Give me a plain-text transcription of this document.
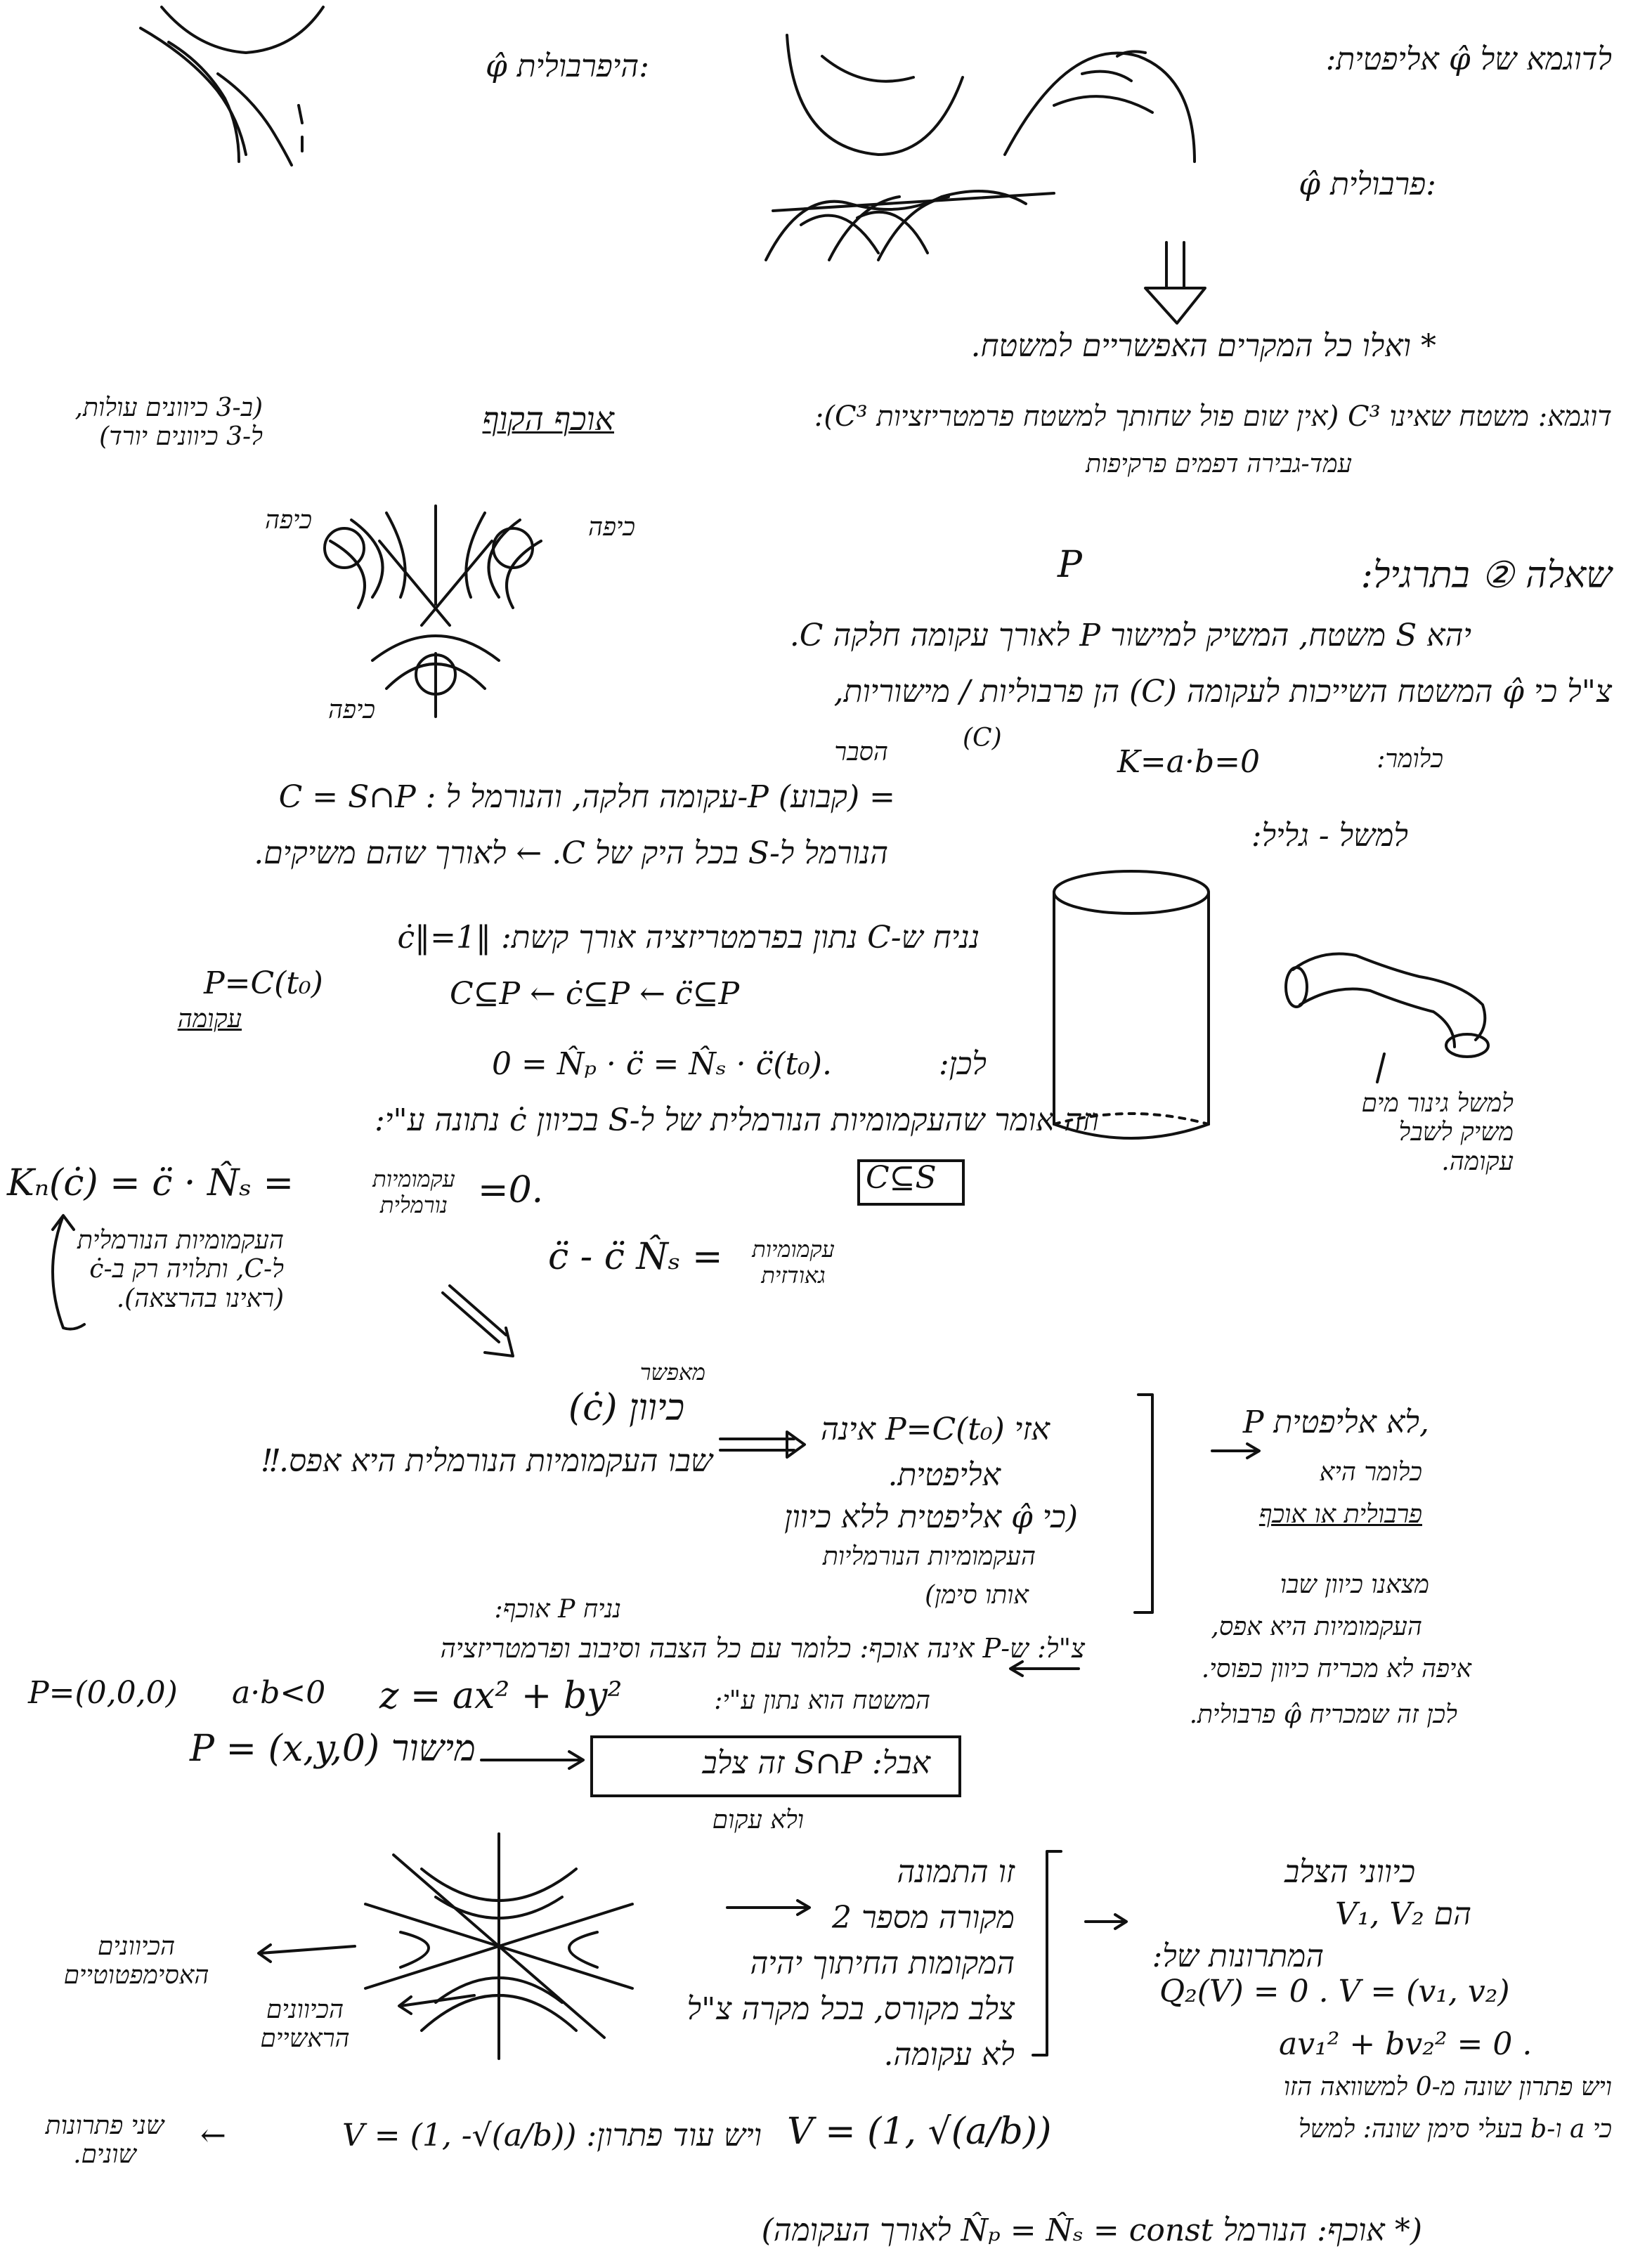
φ̂ היפרבולית:	לדוגמא של φ̂ אליפטית:
φ̂ פרבולית:
* ואלו כל המקרים האפשריים למשטח.
דוגמא: משטח שאינו C³ (אין שום פול שחותך למשטח פרמטריזציות C³):
אוכף הקוף
עמד-גבירה דפמים פרקיפות
(ב-3 כיוונים עולות, ל-3 כיוונים יורד)
כיפה	כיפה
כיפה
שאלה ② בתרגיל:
P
יהא S משטח, המשיק למישור P לאורך עקומה חלקה C.
צ"ל כי φ̂ המשטח השייכות לעקומה (C) הן פרבוליות / מישוריות,
(C)
הסבר	כלומר:
K=a·b=0
C = S∩P : עקומה חלקה, והנורמל ל-P (קבוע) =
הנורמל ל-S בכל היק של C. ← לאורך שהם משיקים.	למשל - גליל:
למשל גינור מים משיק לשבל עקומה.
נניח ש-C נתון בפרמטריזציה אורך קשת: ‖ċ‖=1
C⊆P ← ċ⊆P ← c̈⊆P
P=C(t₀)
עקומה
לכן:
0 = N̂ₚ · c̈ = N̂ₛ · c̈(t₀).
וזה אומר שהעקמומיות הנורמלית של ל-S בכיוון ċ נתונה ע"י:
Kₙ(ċ) = c̈ · N̂ₛ =	עקמומיות נורמלית =0.	C⊆S
העקמומיות הנורמלית ל-C, ותלויה רק ב-ċ (ראינו בהרצאה).
c̈ - c̈ N̂ₛ =	עקמומיות גאודזית
מאפשר
כיוון (ċ)
שבו העקמומיות הנורמלית היא אפס.‼
אזי P=C(t₀) אינה
אליפטית.
(כי φ̂ אליפטית ללא כיוון
העקמומיות הנורמליות
אותו סימן)
P לא אליפטית,
כלומר היא
פרבולית או אוכף
מצאנו כיוון שבו
העקמומיות היא אפס,
איפה לא מכריח כיוון כפוסי.
לכן זה שמכריח φ̂ פרבולית.
נניח P אוכף:
צ"ל: ש-P אינה אוכף: כלומר עם כל הצבה וסיבוב ופרמטריזציה
המשטח הוא נתון ע"י:
P=(0,0,0) a·b<0 z = ax² + by²
P = (x,y,0) מישור	אבל: S∩P זה צלב
ולא עקום
הכיוונים האסימפטוטיים
הכיוונים הראשיים
זו התמונה
מקורה מספר 2
המקומות החיתוך יהיה
צלב מקורס, בכל מקרה צ"ל
לא עקומה.
כיווני הצלב
הם V₁, V₂
המתרונות של:
Q₂(V) = 0 . V = (v₁, v₂)
av₁² + bv₂² = 0 .
ויש פתרון שונה מ-0 למשוואה הזו
כי a ו-b בעלי סימן שונה: למשל
V = (1, √(a/b))
ויש עוד פתרון: V = (1, -√(a/b))
←
שני פתרונות שונים.
(* אוכף: הנורמל N̂ₚ = N̂ₛ = const לאורך העקומה)
